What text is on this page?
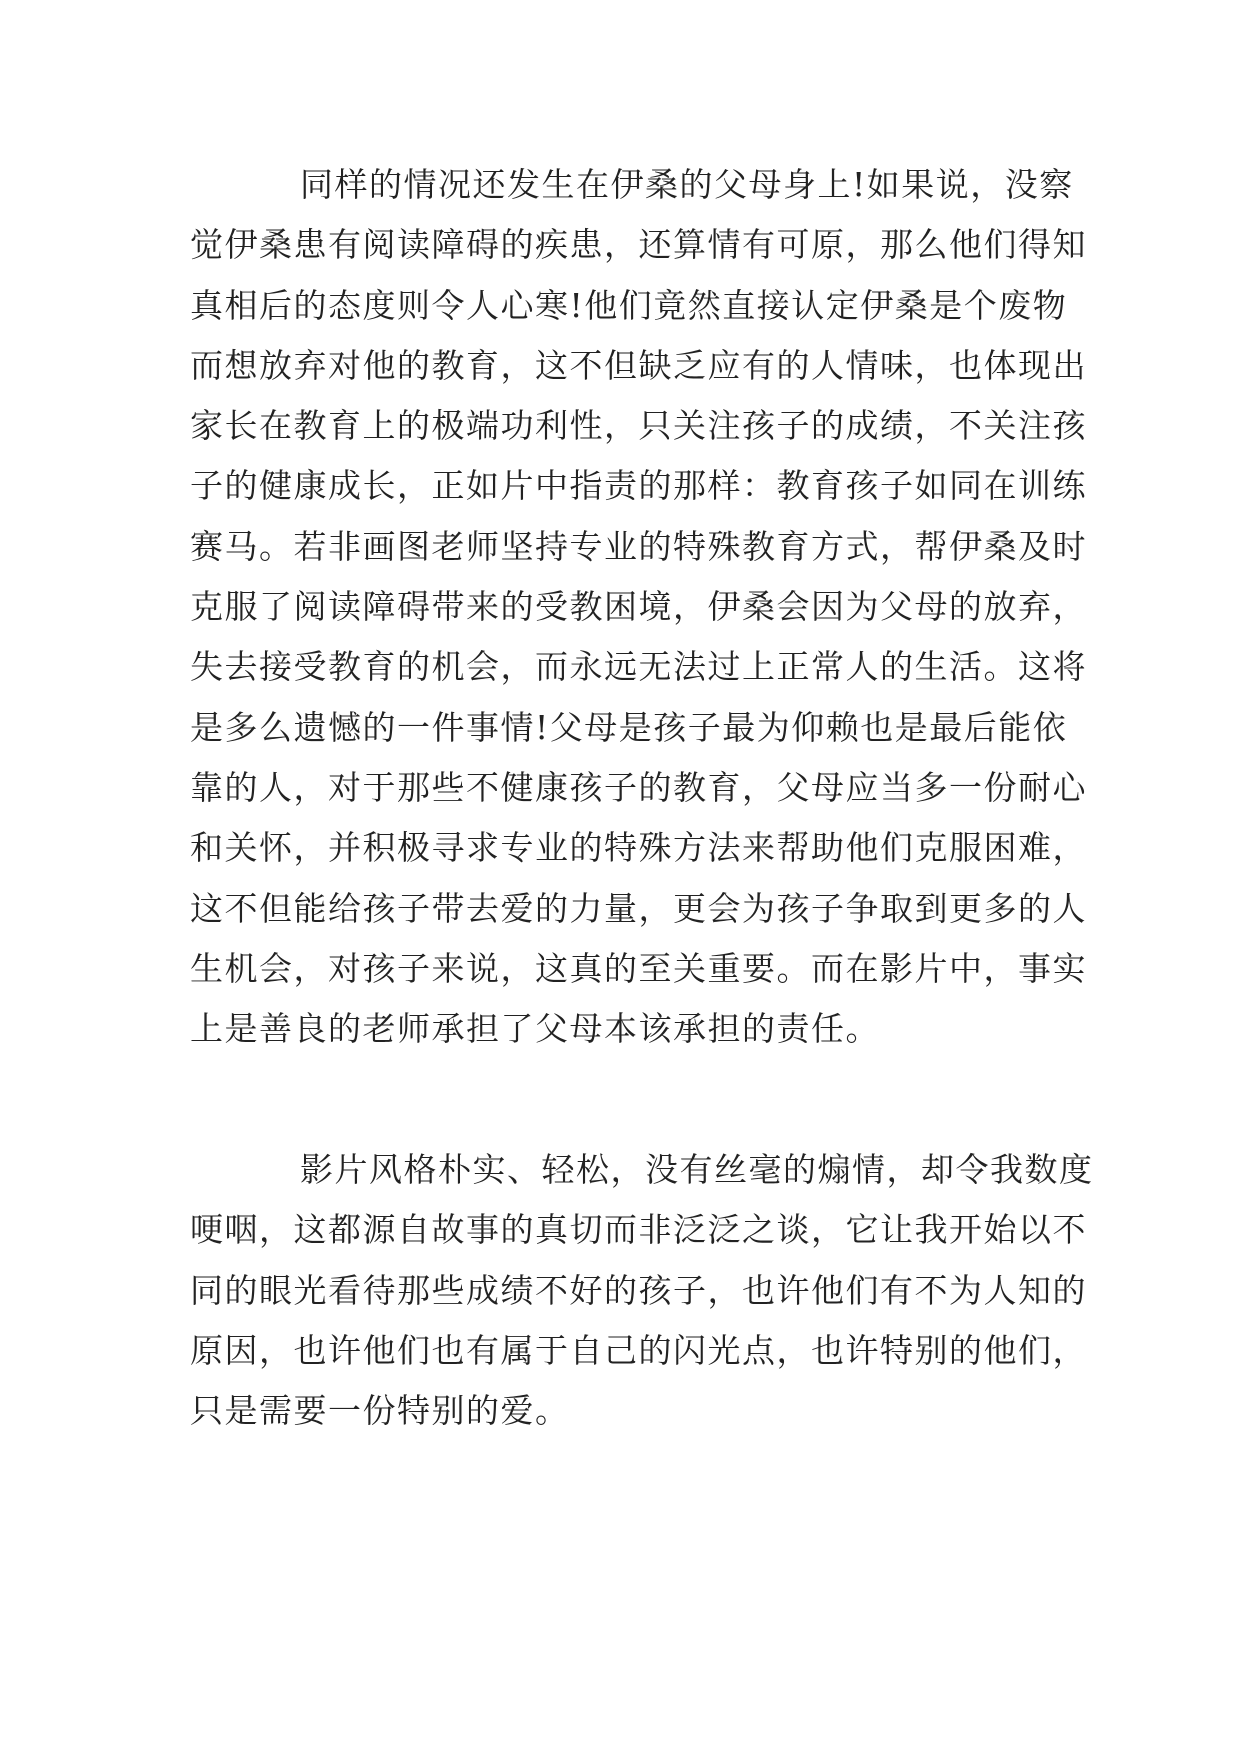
同样的情况还发生在伊桑的父母身上!如果说，没察
觉伊桑患有阅读障碍的疾患，还算情有可原，那么他们得知
真相后的态度则令人心寒!他们竟然直接认定伊桑是个废物
而想放弃对他的教育，这不但缺乏应有的人情味，也体现出
家长在教育上的极端功利性，只关注孩子的成绩，不关注孩
子的健康成长，正如片中指责的那样：教育孩子如同在训练
赛马。若非画图老师坚持专业的特殊教育方式，帮伊桑及时
克服了阅读障碍带来的受教困境，伊桑会因为父母的放弃，
失去接受教育的机会，而永远无法过上正常人的生活。这将
是多么遗憾的一件事情!父母是孩子最为仰赖也是最后能依
靠的人，对于那些不健康孩子的教育，父母应当多一份耐心
和关怀，并积极寻求专业的特殊方法来帮助他们克服困难，
这不但能给孩子带去爱的力量，更会为孩子争取到更多的人
生机会，对孩子来说，这真的至关重要。而在影片中，事实
上是善良的老师承担了父母本该承担的责任。

影片风格朴实、轻松，没有丝毫的煽情，却令我数度
哽咽，这都源自故事的真切而非泛泛之谈，它让我开始以不
同的眼光看待那些成绩不好的孩子，也许他们有不为人知的
原因，也许他们也有属于自己的闪光点，也许特别的他们，
只是需要一份特别的爱。
